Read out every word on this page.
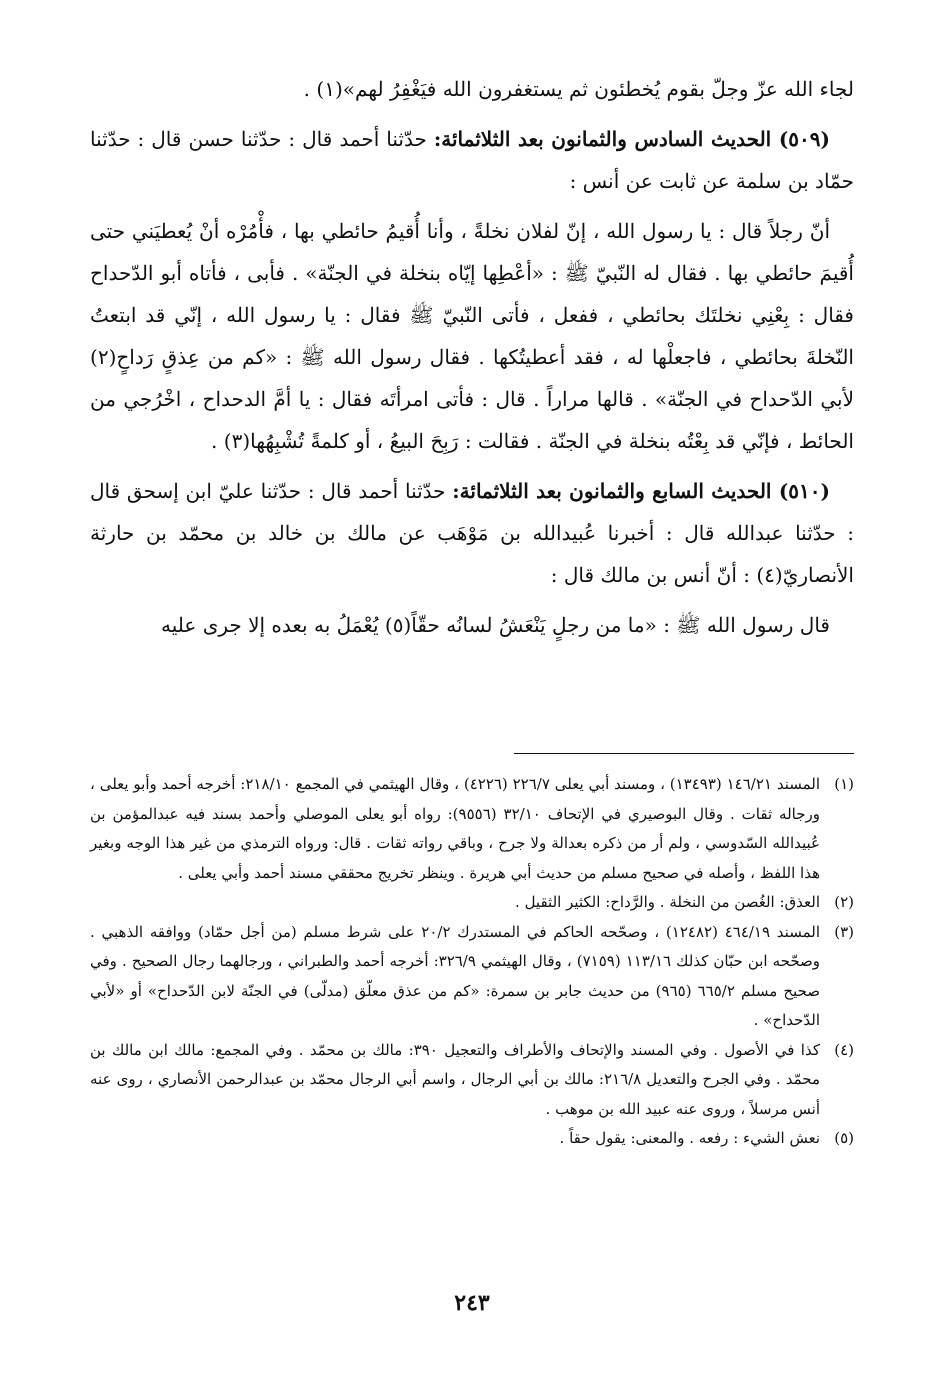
لجاء الله عزّ وجلّ بقوم يُخطئون ثم يستغفرون الله فيَغْفِرُ لهم»(١) .

(٥٠٩) الحديث السادس والثمانون بعد الثلاثمائة: حدّثنا أحمد قال : حدّثنا حسن قال : حدّثنا حمّاد بن سلمة عن ثابت عن أنس :

أنّ رجلاً قال : يا رسول الله ، إنّ لفلان نخلةً ، وأنا أُقيمُ حائطي بها ، فأْمُرْه أنْ يُعطيَني حتى أُقيمَ حائطي بها . فقال له النّبيّ ﷺ : «أعْطِها إيّاه بنخلة في الجنّة» . فأبى ، فأتاه أبو الدّحداح فقال : بِعْنِي نخلتَك بحائطي ، ففعل ، فأتى النّبيّ ﷺ فقال : يا رسول الله ، إنّي قد ابتعتُ النّخلةَ بحائطي ، فاجعلْها له ، فقد أعطيتُكها . فقال رسول الله ﷺ : «كم من عِذقٍ رَداحٍ(٢) لأبي الدّحداح في الجنّة» . قالها مراراً . قال : فأتى امرأتَه فقال : يا أمَّ الدحداح ، اخْرُجي من الحائط ، فإنّي قد بِعْتُه بنخلة في الجنّة . فقالت : رَبِحَ البيعُ ، أو كلمةً تُشْبِهُها(٣) .

(٥١٠) الحديث السابع والثمانون بعد الثلاثمائة: حدّثنا أحمد قال : حدّثنا عليّ ابن إسحق قال : حدّثنا عبدالله قال : أخبرنا عُبيدالله بن مَوْهَب عن مالك بن خالد بن محمّد بن حارثة الأنصاريّ(٤) : أنّ أنس بن مالك قال :

قال رسول الله ﷺ : «ما من رجلٍ يَنْعَشُ لسانُه حقّاً(٥) يُعْمَلُ به بعده إلا جرى عليه

(١)
المسند ١٤٦/٢١ (١٣٤٩٣) ، ومسند أبي يعلى ٢٢٦/٧ (٤٢٢٦) ، وقال الهيثمي في المجمع ٢١٨/١٠: أخرجه أحمد وأبو يعلى ، ورجاله ثقات . وقال البوصيري في الإتحاف ٣٢/١٠ (٩٥٥٦): رواه أبو يعلى الموصلي وأحمد بسند فيه عبدالمؤمن بن عُبيدالله السّدوسي ، ولم أر من ذكره بعدالة ولا جرح ، وباقي رواته ثقات . قال: ورواه الترمذي من غير هذا الوجه وبغير هذا اللفظ ، وأصله في صحيح مسلم من حديث أبي هريرة . وينظر تخريج محققي مسند أحمد وأبي يعلى .
(٢)
العذق: الغُصن من النخلة . والرَّداح: الكثير الثقيل .
(٣)
المسند ٤٦٤/١٩ (١٢٤٨٢) ، وصحّحه الحاكم في المستدرك ٢٠/٢ على شرط مسلم (من أجل حمّاد) ووافقه الذهبي . وصحّحه ابن حبّان كذلك ١١٣/١٦ (٧١٥٩) ، وقال الهيثمي ٣٢٦/٩: أخرجه أحمد والطبراني ، ورجالهما رجال الصحيح . وفي صحيح مسلم ٦٦٥/٢ (٩٦٥) من حديث جابر بن سمرة: «كم من عذق معلّق (مدلّى) في الجنّة لابن الدّحداح» أو «لأبي الدّحداح» .
(٤)
كذا في الأصول . وفي المسند والإتحاف والأطراف والتعجيل ٣٩٠: مالك بن محمّد . وفي المجمع: مالك ابن مالك بن محمّد . وفي الجرح والتعديل ٢١٦/٨: مالك بن أبي الرجال ، واسم أبي الرجال محمّد بن عبدالرحمن الأنصاري ، روى عنه أنس مرسلاً ، وروى عنه عبيد الله بن موهب .
(٥)
نعش الشيء : رفعه . والمعنى: يقول حقاً .
٢٤٣
